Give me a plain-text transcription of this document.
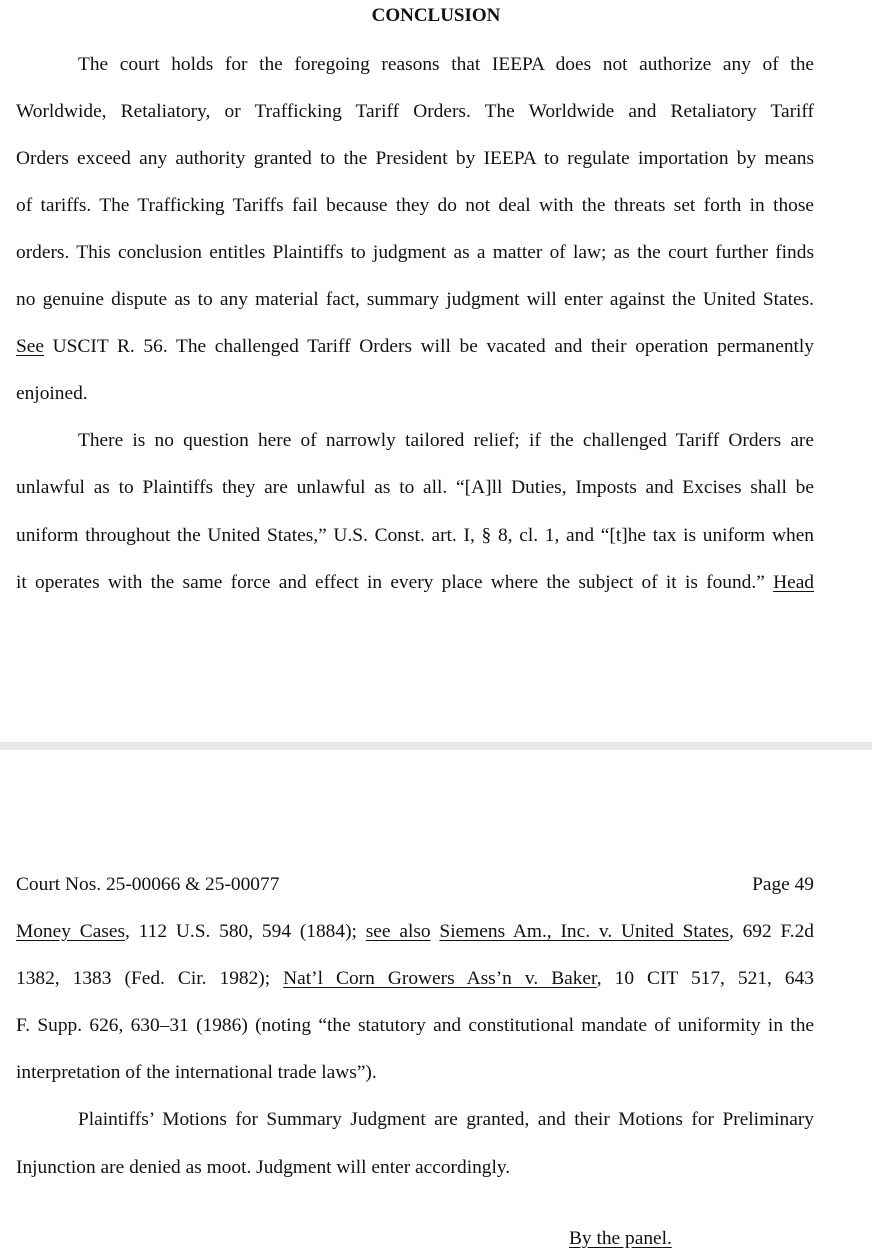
CONCLUSION
The court holds for the foregoing reasons that IEEPA does not authorize any of the
Worldwide, Retaliatory, or Trafficking Tariff Orders. The Worldwide and Retaliatory Tariff
Orders exceed any authority granted to the President by IEEPA to regulate importation by means
of tariffs. The Trafficking Tariffs fail because they do not deal with the threats set forth in those
orders. This conclusion entitles Plaintiffs to judgment as a matter of law; as the court further finds
no genuine dispute as to any material fact, summary judgment will enter against the United States.
See USCIT R. 56. The challenged Tariff Orders will be vacated and their operation permanently
enjoined.
There is no question here of narrowly tailored relief; if the challenged Tariff Orders are
unlawful as to Plaintiffs they are unlawful as to all. “[A]ll Duties, Imposts and Excises shall be
uniform throughout the United States,” U.S. Const. art. I, § 8, cl. 1, and “[t]he tax is uniform when
it operates with the same force and effect in every place where the subject of it is found.” Head
Court Nos. 25-00066 & 25-00077	Page 49
Money Cases, 112 U.S. 580, 594 (1884); see also Siemens Am., Inc. v. United States, 692 F.2d
1382, 1383 (Fed. Cir. 1982); Nat’l Corn Growers Ass’n v. Baker, 10 CIT 517, 521, 643
F. Supp. 626, 630–31 (1986) (noting “the statutory and constitutional mandate of uniformity in the
interpretation of the international trade laws”).
Plaintiffs’ Motions for Summary Judgment are granted, and their Motions for Preliminary
Injunction are denied as moot. Judgment will enter accordingly.
By the panel.
